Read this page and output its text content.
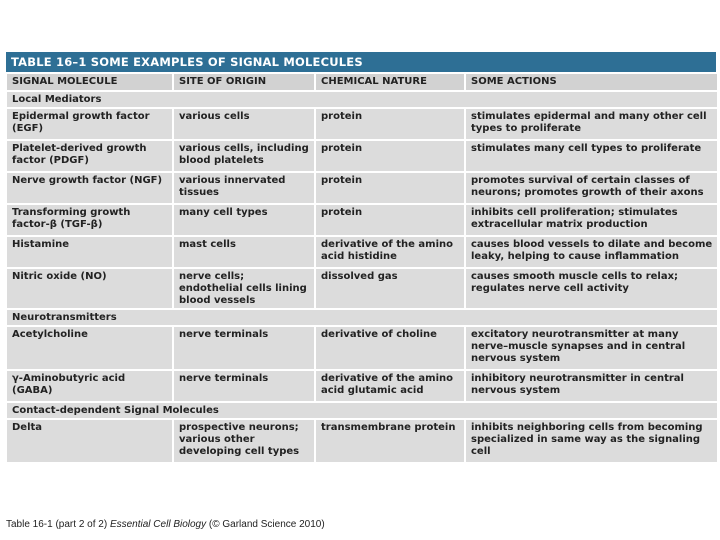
TABLE 16–1 SOME EXAMPLES OF SIGNAL MOLECULES
SIGNAL MOLECULE	SITE OF ORIGIN	CHEMICAL NATURE	SOME ACTIONS
Local Mediators			
Epidermal growth factor (EGF)	various cells	protein	stimulates epidermal and many other cell types to proliferate
Platelet-derived growth factor (PDGF)	various cells, including blood platelets	protein	stimulates many cell types to proliferate
Nerve growth factor (NGF)	various innervated tissues	protein	promotes survival of certain classes of neurons; promotes growth of their axons
Transforming growth factor-β (TGF-β)	many cell types	protein	inhibits cell proliferation; stimulates extracellular matrix production
Histamine	mast cells	derivative of the amino acid histidine	causes blood vessels to dilate and become leaky, helping to cause inflammation
Nitric oxide (NO)	nerve cells; endothelial cells lining blood vessels	dissolved gas	causes smooth muscle cells to relax; regulates nerve cell activity
Neurotransmitters			
Acetylcholine	nerve terminals	derivative of choline	excitatory neurotransmitter at many nerve–muscle synapses and in central nervous system
γ-Aminobutyric acid (GABA)	nerve terminals	derivative of the amino acid glutamic acid	inhibitory neurotransmitter in central nervous system
Contact-dependent Signal Molecules			
Delta	prospective neurons; various other developing cell types	transmembrane protein	inhibits neighboring cells from becoming specialized in same way as the signaling cell
Table 16-1 (part 2 of 2) Essential Cell Biology (© Garland Science 2010)
